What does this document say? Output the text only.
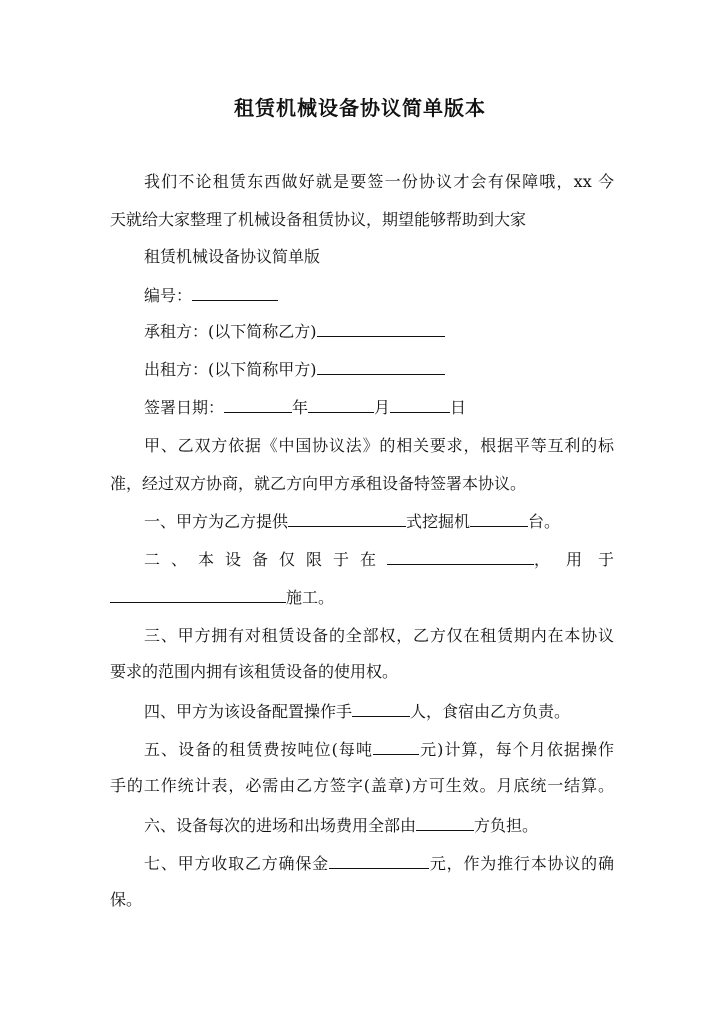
租赁机械设备协议简单版本
我们不论租赁东西做好就是要签一份协议才会有保障哦，xx 今
天就给大家整理了机械设备租赁协议，期望能够帮助到大家
租赁机械设备协议简单版
编号：
承租方：(以下简称乙方)
出租方：(以下简称甲方)
签署日期：	年	月	日
甲、乙双方依据《中国协议法》的相关要求，根据平等互利的标
准，经过双方协商，就乙方向甲方承租设备特签署本协议。
一、甲方为乙方提供	式挖掘机	台。
二、本设备仅限于在	，用于
施工。
三、甲方拥有对租赁设备的全部权，乙方仅在租赁期内在本协议
要求的范围内拥有该租赁设备的使用权。
四、甲方为该设备配置操作手	人，食宿由乙方负责。
五、设备的租赁费按吨位(每吨	元)计算，每个月依据操作
手的工作统计表，必需由乙方签字(盖章)方可生效。月底统一结算。
六、设备每次的进场和出场费用全部由	方负担。
七、甲方收取乙方确保金	元，作为推行本协议的确
保。
